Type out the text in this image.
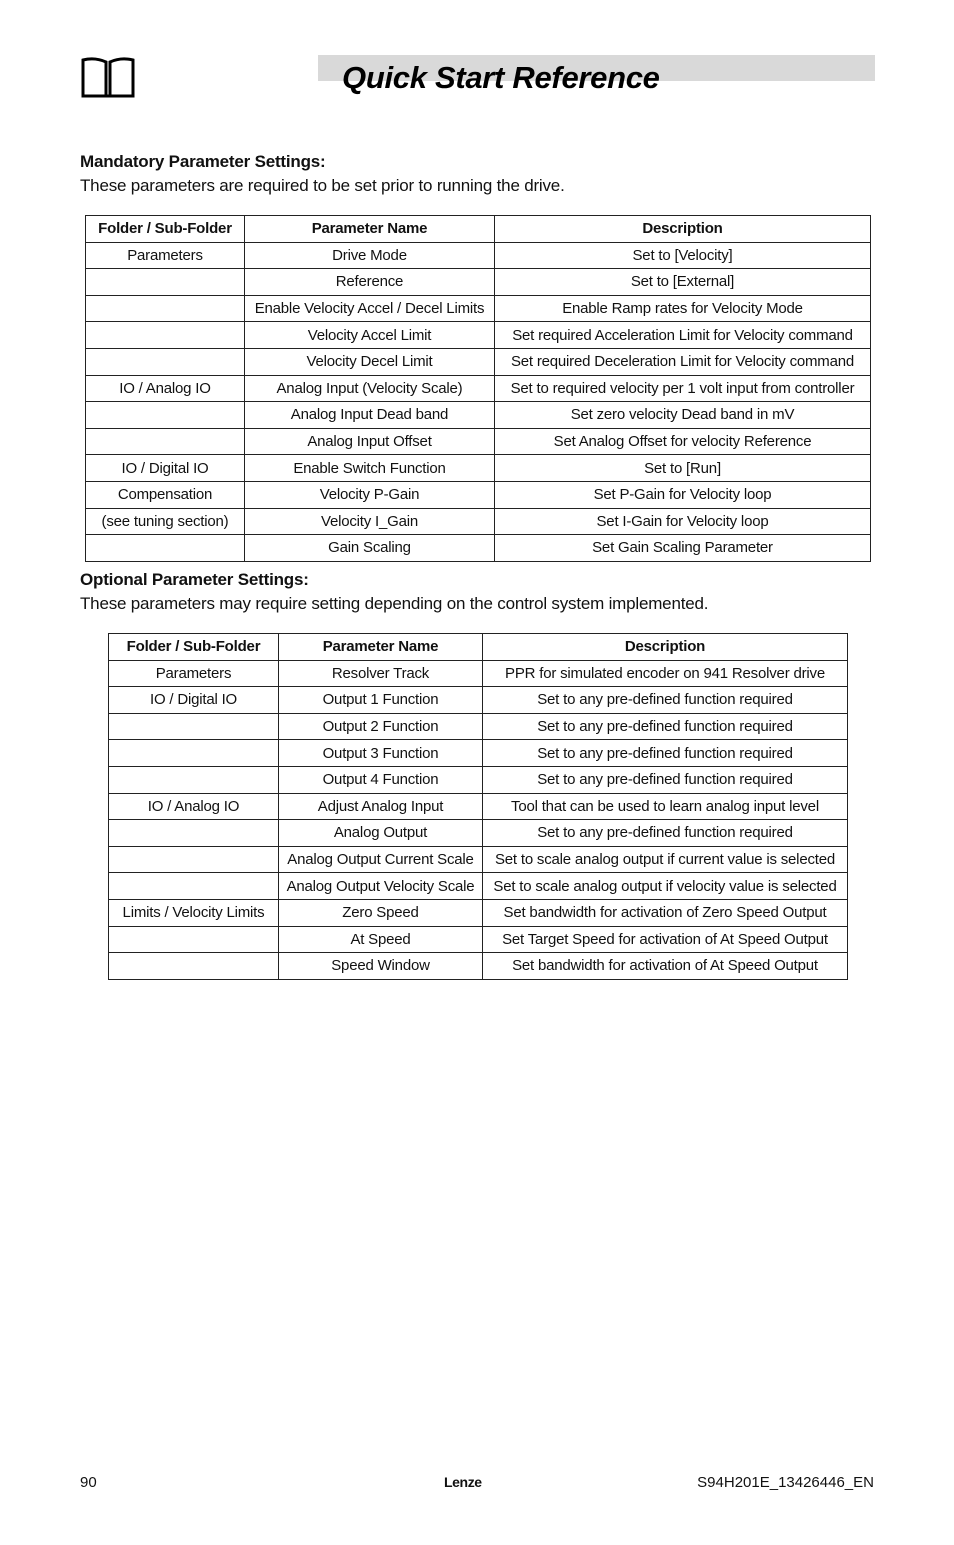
Quick Start Reference

Mandatory Parameter Settings:

These parameters are required to be set prior to running the drive.

Folder / Sub-Folder	Parameter Name	Description
Parameters	Drive Mode	Set to [Velocity]
	Reference	Set to [External]
	Enable Velocity Accel / Decel Limits	Enable Ramp rates for Velocity Mode
	Velocity Accel Limit	Set required Acceleration Limit for Velocity command
	Velocity Decel Limit	Set required Deceleration Limit for Velocity command
IO / Analog IO	Analog Input (Velocity Scale)	Set to required velocity per 1 volt input from controller
	Analog Input Dead band	Set zero velocity Dead band in mV
	Analog Input Offset	Set Analog Offset for velocity Reference
IO / Digital IO	Enable Switch Function	Set to [Run]
Compensation	Velocity P-Gain	Set P-Gain for Velocity loop
(see tuning section)	Velocity I_Gain	Set I-Gain for Velocity loop
	Gain Scaling	Set Gain Scaling Parameter

Optional Parameter Settings:

These parameters may require setting depending on the control system implemented.

Folder / Sub-Folder	Parameter Name	Description
Parameters	Resolver Track	PPR for simulated encoder on 941 Resolver drive
IO / Digital IO	Output 1 Function	Set to any pre-defined function required
	Output 2 Function	Set to any pre-defined function required
	Output 3 Function	Set to any pre-defined function required
	Output 4 Function	Set to any pre-defined function required
IO / Analog IO	Adjust Analog Input	Tool that can be used to learn analog input level
	Analog Output	Set to any pre-defined function required
	Analog Output Current Scale	Set to scale analog output if current value is selected
	Analog Output Velocity Scale	Set to scale analog output if velocity value is selected
Limits / Velocity Limits	Zero Speed	Set bandwidth for activation of Zero Speed Output
	At Speed	Set Target Speed for activation of At Speed Output
	Speed Window	Set bandwidth for activation of At Speed Output

90	Lenze	S94H201E_13426446_EN
